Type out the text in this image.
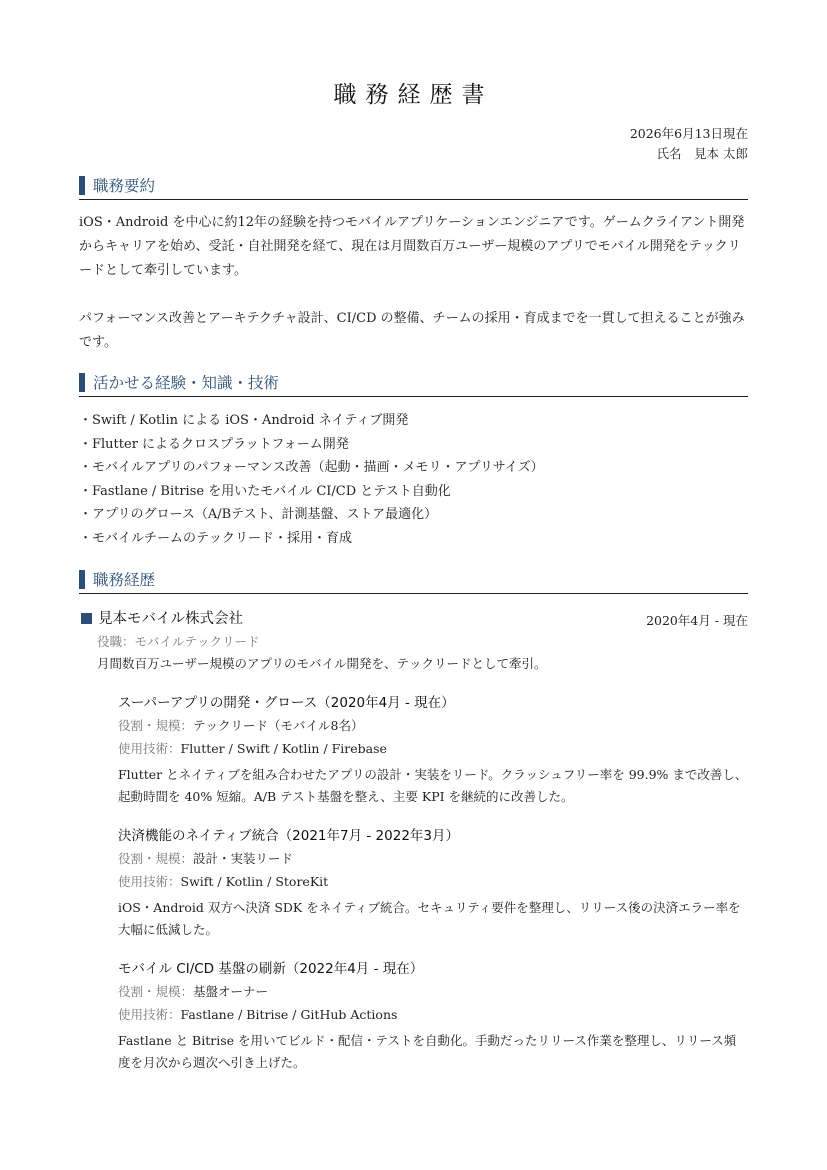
職務経歴書
2026年6月13日現在
氏名　 見本 太郎
職務要約

iOS・Android を中心に約12年の経験を持つモバイルアプリケーションエンジニアです。ゲームクライアント開発からキャリアを始め、受託・自社開発を経て、現在は月間数百万ユーザー規模のアプリでモバイル開発をテックリードとして牽引しています。

パフォーマンス改善とアーキテクチャ設計、CI/CD の整備、チームの採用・育成までを一貫して担えることが強みです。

活かせる経験・知識・技術
・Swift / Kotlin による iOS・Android ネイティブ開発
・Flutter によるクロスプラットフォーム開発
・モバイルアプリのパフォーマンス改善（起動・描画・メモリ・アプリサイズ）
・Fastlane / Bitrise を用いたモバイル CI/CD とテスト自動化
・アプリのグロース（A/Bテスト、計測基盤、ストア最適化）
・モバイルチームのテックリード・採用・育成
職務経歴
見本モバイル株式会社	2020年4月 - 現在
役職：モバイルテックリード
月間数百万ユーザー規模のアプリのモバイル開発を、テックリードとして牽引。
スーパーアプリの開発・グロース（2020年4月 - 現在）
役割・規模：テックリード（モバイル8名）
使用技術：Flutter / Swift / Kotlin / Firebase
Flutter とネイティブを組み合わせたアプリの設計・実装をリード。クラッシュフリー率を 99.9% まで改善し、起動時間を 40% 短縮。A/B テスト基盤を整え、主要 KPI を継続的に改善した。
決済機能のネイティブ統合（2021年7月 - 2022年3月）
役割・規模：設計・実装リード
使用技術：Swift / Kotlin / StoreKit
iOS・Android 双方へ決済 SDK をネイティブ統合。セキュリティ要件を整理し、リリース後の決済エラー率を大幅に低減した。
モバイル CI/CD 基盤の刷新（2022年4月 - 現在）
役割・規模：基盤オーナー
使用技術：Fastlane / Bitrise / GitHub Actions
Fastlane と Bitrise を用いてビルド・配信・テストを自動化。手動だったリリース作業を整理し、リリース頻度を月次から週次へ引き上げた。
